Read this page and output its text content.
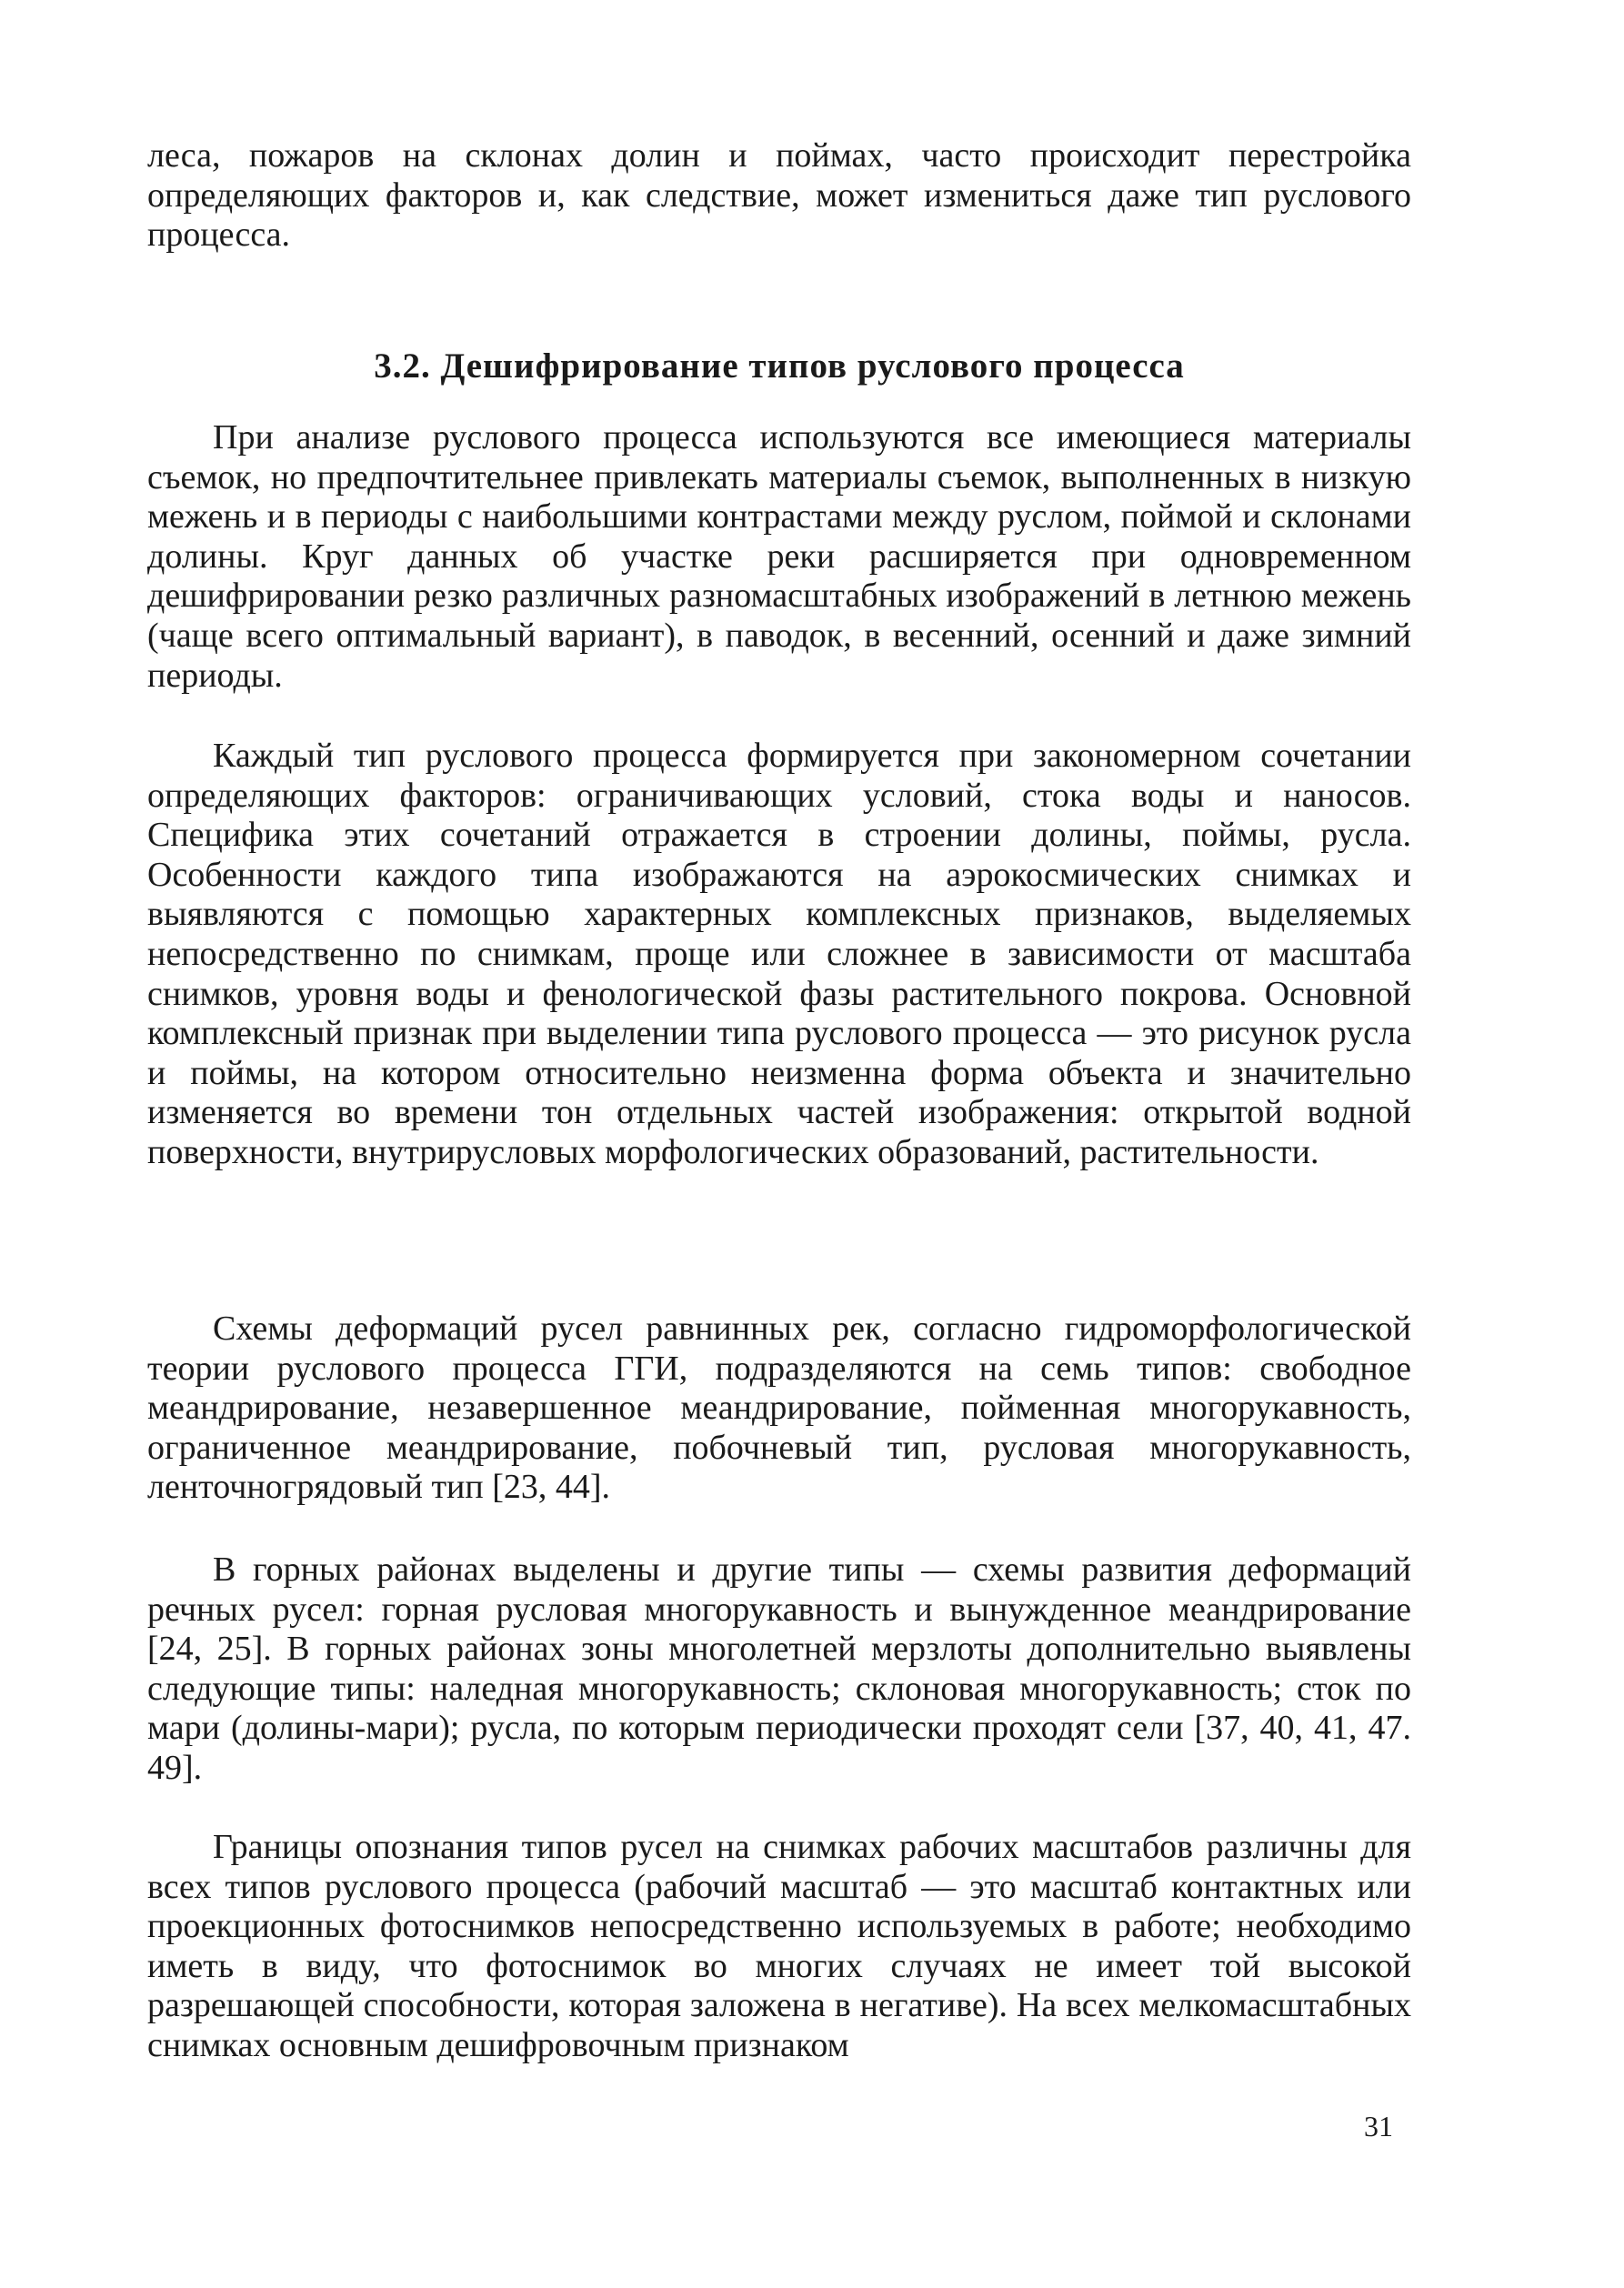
леса, пожаров на склонах долин и поймах, часто происходит перестройка определяющих факторов и, как следствие, может измениться даже тип руслового процесса.

3.2. Дешифрирование типов руслового процесса

При анализе руслового процесса используются все имеющиеся материалы съемок, но предпочтительнее привлекать материалы съемок, выполненных в низкую межень и в периоды с наибольшими контрастами между руслом, поймой и склонами долины. Круг данных об участке реки расширяется при одновременном дешифрировании резко различных разномасштабных изображений в летнюю межень (чаще всего оптимальный вариант), в паводок, в весенний, осенний и даже зимний периоды.

Каждый тип руслового процесса формируется при закономерном сочетании определяющих факторов: ограничивающих условий, стока воды и наносов. Специфика этих сочетаний отражается в строении долины, поймы, русла. Особенности каждого типа изображаются на аэрокосмических снимках и выявляются с помощью характерных комплексных признаков, выделяемых непосредственно по снимкам, проще или сложнее в зависимости от масштаба снимков, уровня воды и фенологической фазы растительного покрова. Основной комплексный признак при выделении типа руслового процесса — это рисунок русла и поймы, на котором относительно неизменна форма объекта и значительно изменяется во времени тон отдельных частей изображения: открытой водной поверхности, внутрирусловых морфологических образований, растительности.

Схемы деформаций русел равнинных рек, согласно гидроморфологической теории руслового процесса ГГИ, подразделяются на семь типов: свободное меандрирование, незавершенное меандрирование, пойменная многорукавность, ограниченное меандрирование, побочневый тип, русловая многорукавность, ленточногрядовый тип [23, 44].

В горных районах выделены и другие типы — схемы развития деформаций речных русел: горная русловая многорукавность и вынужденное меандрирование [24, 25]. В горных районах зоны многолетней мерзлоты дополнительно выявлены следующие типы: наледная многорукавность; склоновая многорукавность; сток по мари (долины-мари); русла, по которым периодически проходят сели [37, 40, 41, 47. 49].

Границы опознания типов русел на снимках рабочих масштабов различны для всех типов руслового процесса (рабочий масштаб — это масштаб контактных или проекционных фотоснимков непосредственно используемых в работе; необходимо иметь в виду, что фотоснимок во многих случаях не имеет той высокой разрешающей способности, которая заложена в негативе). На всех мелкомасштабных снимках основным дешифровочным признаком

31
